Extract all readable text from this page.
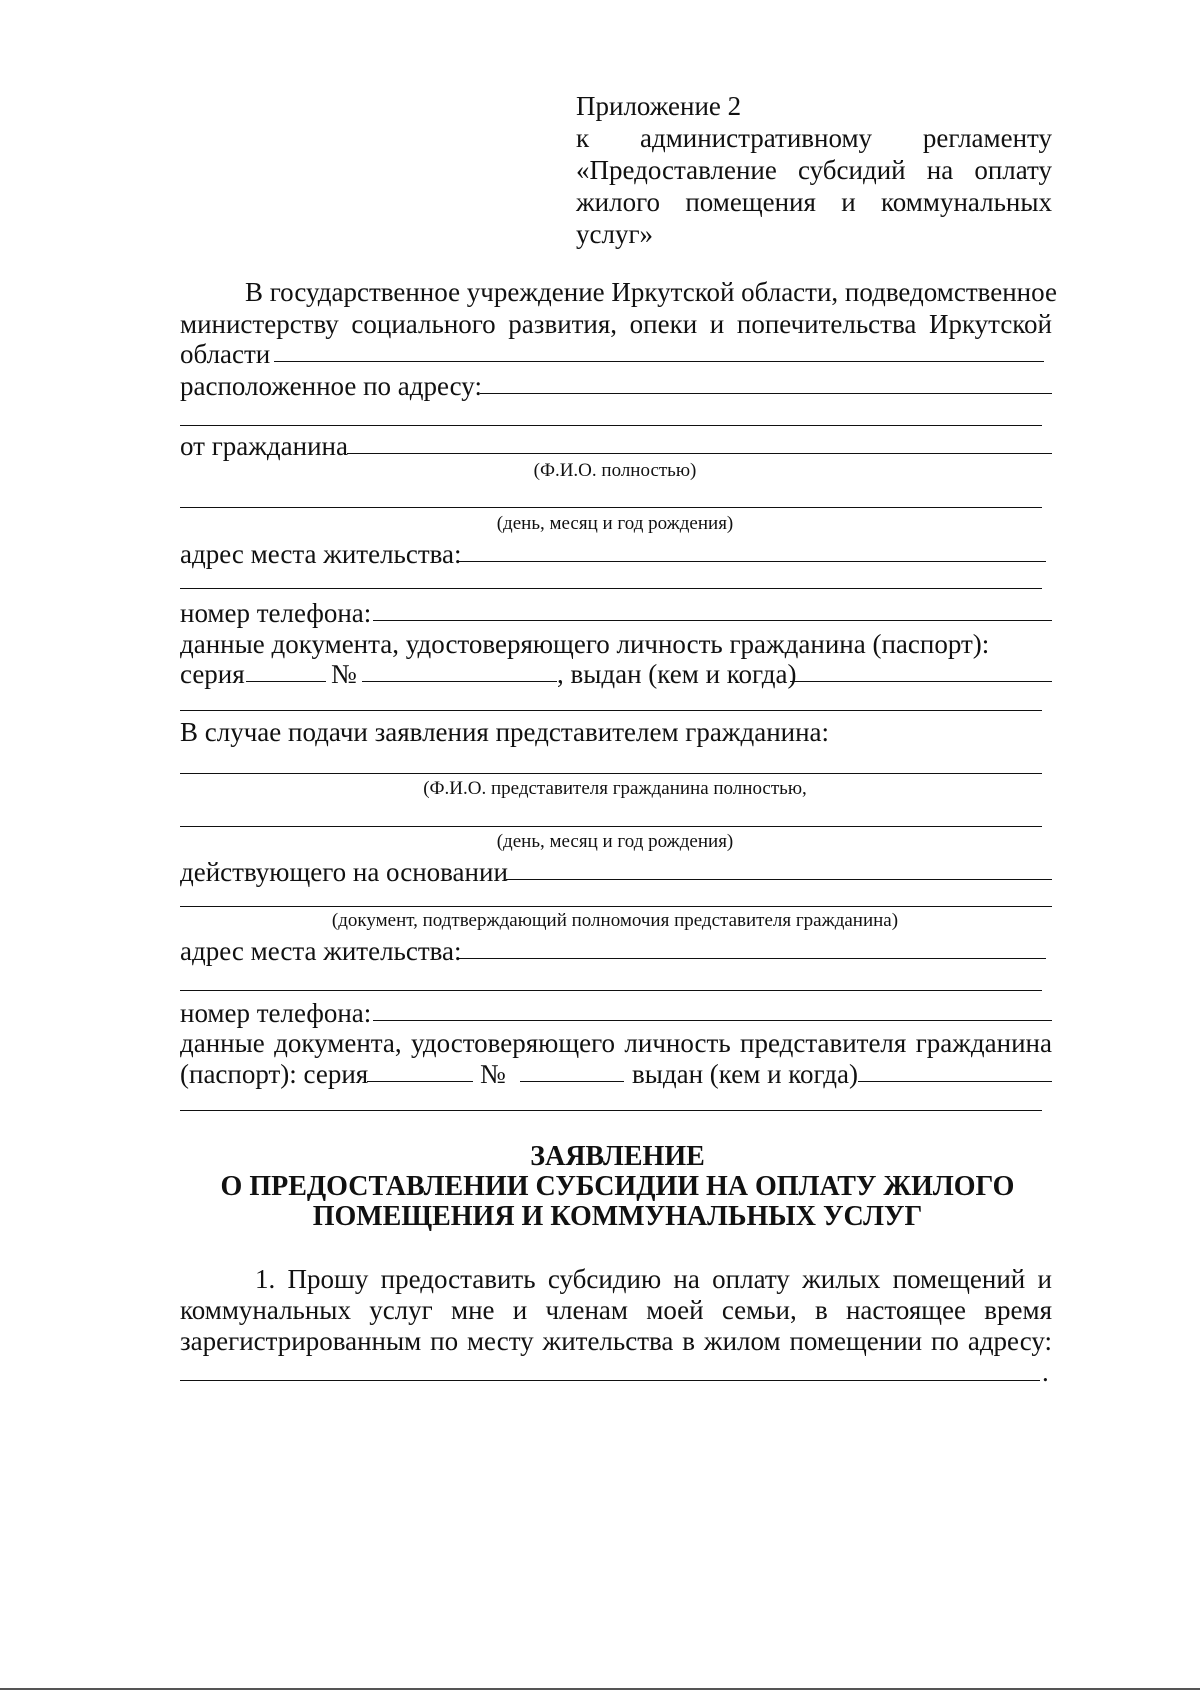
Приложение 2
к административному регламенту
«Предоставление субсидий на оплату
жилого помещения и коммунальных
услуг»
В государственное учреждение Иркутской области, подведомственное
министерству социального развития, опеки и попечительства Иркутской
области
расположенное по адресу:
от гражданина
(Ф.И.О. полностью)
(день, месяц и год рождения)
адрес места жительства:
номер телефона:
данные документа, удостоверяющего личность гражданина (паспорт):
серия	№	, выдан (кем и когда)
В случае подачи заявления представителем гражданина:
(Ф.И.О. представителя гражданина полностью,
(день, месяц и год рождения)
действующего на основании
(документ, подтверждающий полномочия представителя гражданина)
адрес места жительства:
номер телефона:
данные документа, удостоверяющего личность представителя гражданина
(паспорт): серия	№	выдан (кем и когда)
ЗАЯВЛЕНИЕ
О ПРЕДОСТАВЛЕНИИ СУБСИДИИ НА ОПЛАТУ ЖИЛОГО
ПОМЕЩЕНИЯ И КОММУНАЛЬНЫХ УСЛУГ
1. Прошу предоставить субсидию на оплату жилых помещений и
коммунальных услуг мне и членам моей семьи, в настоящее время
зарегистрированным по месту жительства в жилом помещении по адресу:
.
